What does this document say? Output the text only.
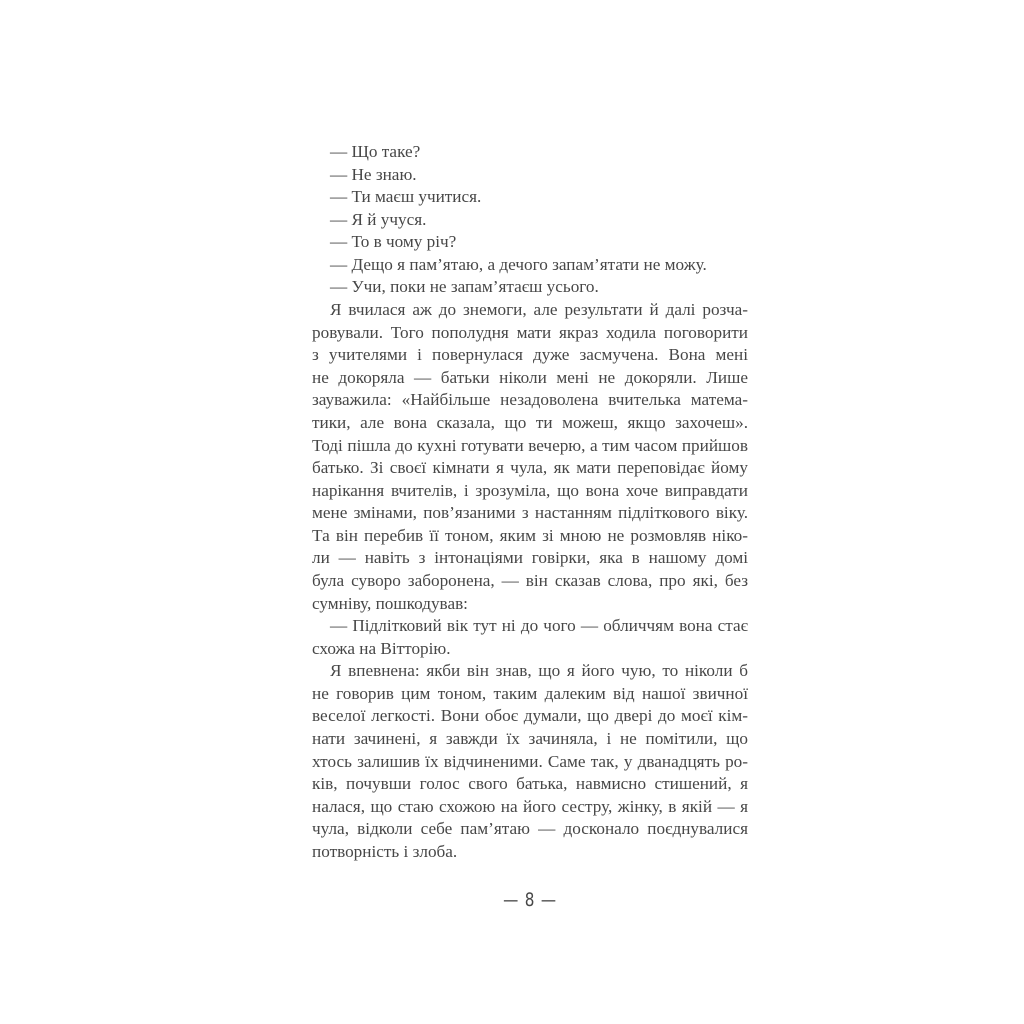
— Що таке?
— Не знаю.
— Ти маєш учитися.
— Я й учуся.
— То в чому річ?
— Дещо я пам’ятаю, а дечого запам’ятати не можу.
— Учи, поки не запам’ятаєш усього.
Я вчилася аж до знемоги, але результати й далі розча-
ровували. Того пополудня мати якраз ходила поговорити
з учителями і повернулася дуже засмучена. Вона мені
не докоряла — батьки ніколи мені не докоряли. Лише
зауважила: «Найбільше незадоволена вчителька матема-
тики, але вона сказала, що ти можеш, якщо захочеш».
Тоді пішла до кухні готувати вечерю, а тим часом прийшов
батько. Зі своєї кімнати я чула, як мати переповідає йому
нарікання вчителів, і зрозуміла, що вона хоче виправдати
мене змінами, пов’язаними з настанням підліткового віку.
Та він перебив її тоном, яким зі мною не розмовляв ніко-
ли — навіть з інтонаціями говірки, яка в нашому домі
була суворо заборонена, — він сказав слова, про які, без
сумніву, пошкодував:
— Підлітковий вік тут ні до чого — обличчям вона стає
схожа на Вітторію.
Я впевнена: якби він знав, що я його чую, то ніколи б
не говорив цим тоном, таким далеким від нашої звичної
веселої легкості. Вони обоє думали, що двері до моєї кім-
нати зачинені, я завжди їх зачиняла, і не помітили, що
хтось залишив їх відчиненими. Саме так, у дванадцять ро-
ків, почувши голос свого батька, навмисно стишений, я
налася, що стаю схожою на його сестру, жінку, в якій — я
чула, відколи себе пам’ятаю — досконало поєднувалися
потворність і злоба.
— 8 —
